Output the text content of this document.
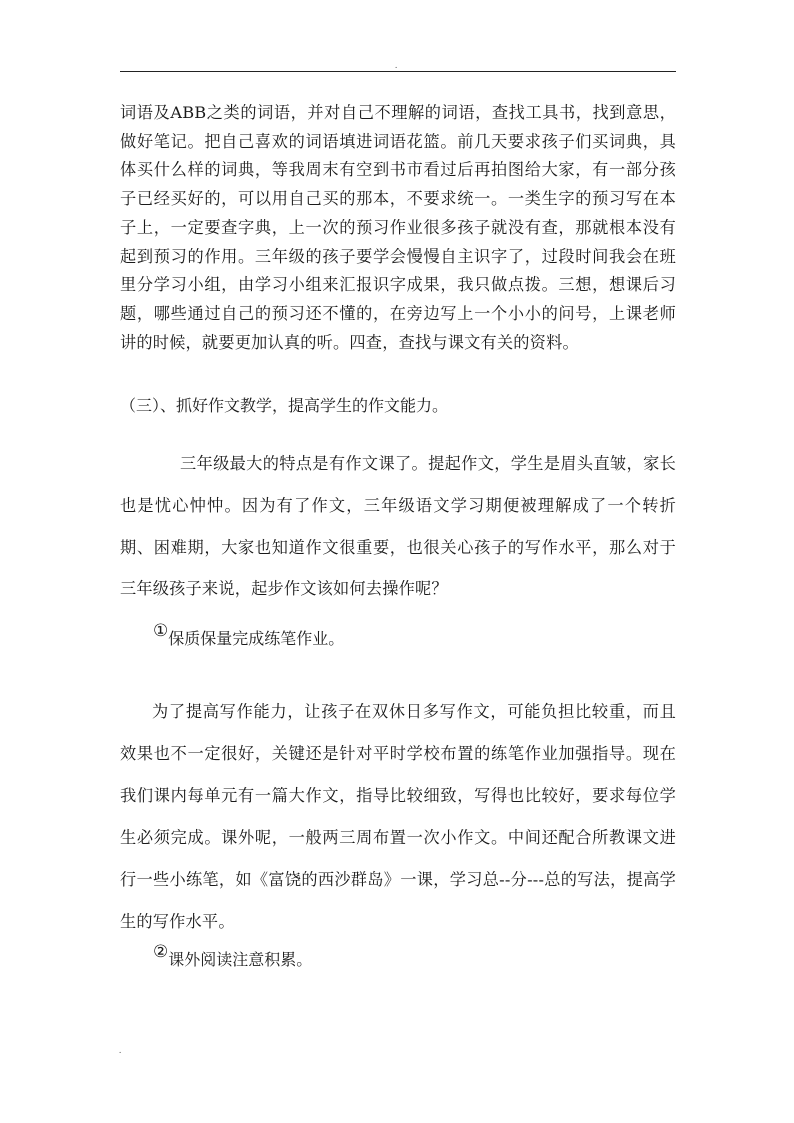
.

词语及ABB之类的词语，并对自己不理解的词语，查找工具书，找到意思，做好笔记。把自己喜欢的词语填进词语花篮。前几天要求孩子们买词典，具体买什么样的词典，等我周末有空到书市看过后再拍图给大家，有一部分孩子已经买好的，可以用自己买的那本，不要求统一。一类生字的预习写在本子上，一定要查字典，上一次的预习作业很多孩子就没有查，那就根本没有起到预习的作用。三年级的孩子要学会慢慢自主识字了，过段时间我会在班里分学习小组，由学习小组来汇报识字成果，我只做点拨。三想，想课后习题，哪些通过自己的预习还不懂的，在旁边写上一个小小的问号，上课老师讲的时候，就要更加认真的听。四查，查找与课文有关的资料。

（三）、抓好作文教学，提高学生的作文能力。

三年级最大的特点是有作文课了。提起作文，学生是眉头直皱，家长也是忧心忡忡。因为有了作文，三年级语文学习期便被理解成了一个转折期、困难期，大家也知道作文很重要，也很关心孩子的写作水平，那么对于三年级孩子来说，起步作文该如何去操作呢？

①保质保量完成练笔作业。

为了提高写作能力，让孩子在双休日多写作文，可能负担比较重，而且效果也不一定很好，关键还是针对平时学校布置的练笔作业加强指导。现在我们课内每单元有一篇大作文，指导比较细致，写得也比较好，要求每位学生必须完成。课外呢，一般两三周布置一次小作文。中间还配合所教课文进行一些小练笔，如《富饶的西沙群岛》一课，学习总--分---总的写法，提高学生的写作水平。

②课外阅读注意积累。

.
